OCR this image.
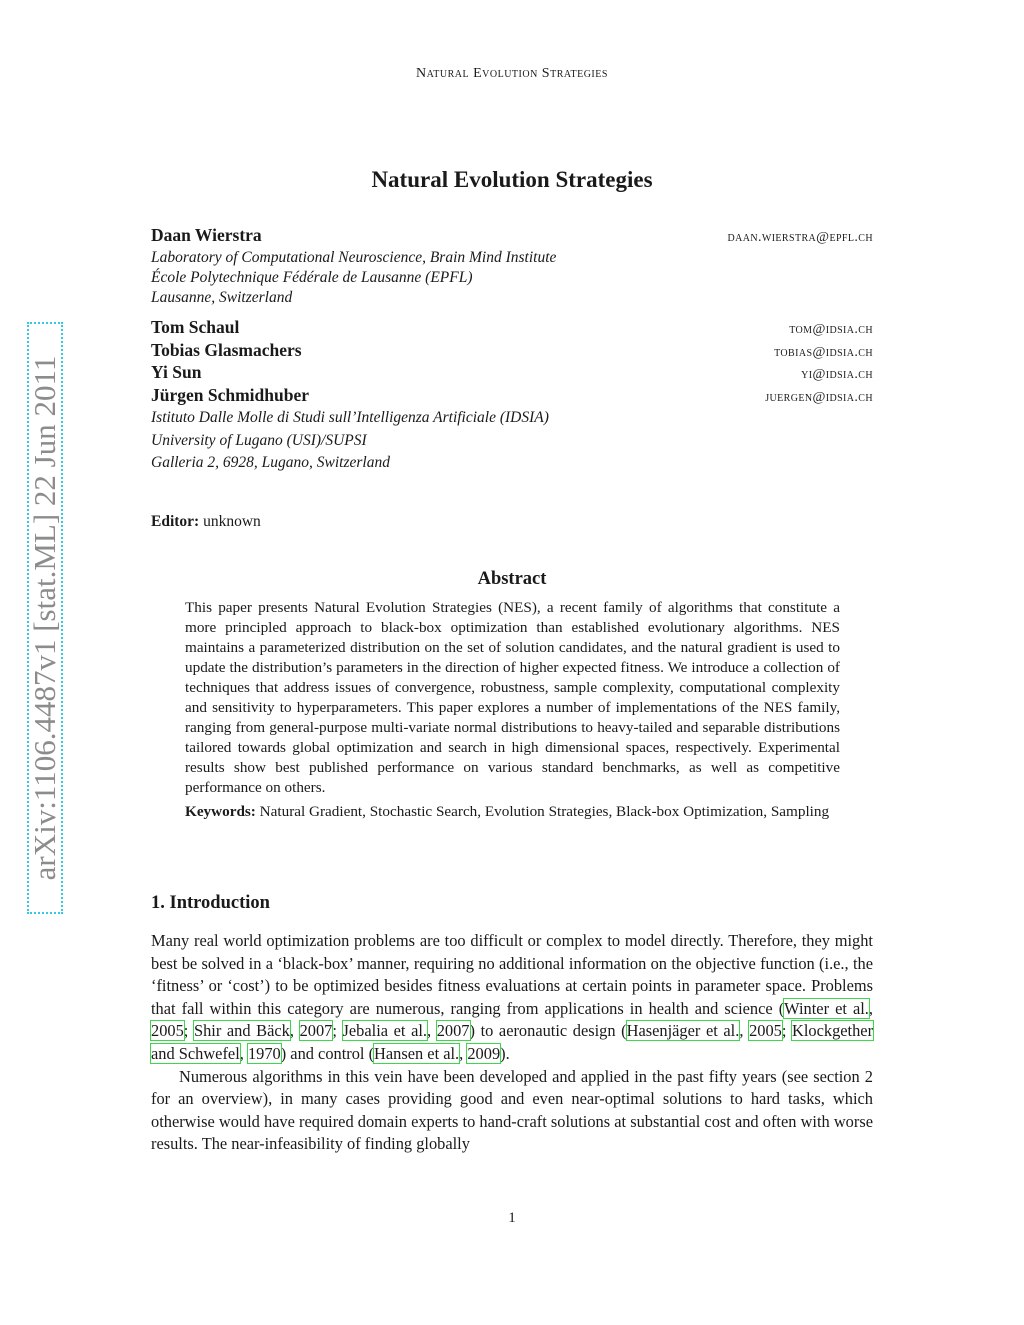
Natural Evolution Strategies
Natural Evolution Strategies
arXiv:1106.4487v1 [stat.ML] 22 Jun 2011
Daan Wierstra	daan.wierstra@epfl.ch
Laboratory of Computational Neuroscience, Brain Mind Institute
École Polytechnique Fédérale de Lausanne (EPFL)
Lausanne, Switzerland
Tom Schaul	tom@idsia.ch
Tobias Glasmachers	tobias@idsia.ch
Yi Sun	yi@idsia.ch
Jürgen Schmidhuber	juergen@idsia.ch
Istituto Dalle Molle di Studi sull’Intelligenza Artificiale (IDSIA)
University of Lugano (USI)/SUPSI
Galleria 2, 6928, Lugano, Switzerland
Editor: unknown
Abstract

This paper presents Natural Evolution Strategies (NES), a recent family of algorithms that constitute a more principled approach to black-box optimization than established evolutionary algorithms. NES maintains a parameterized distribution on the set of solution candidates, and the natural gradient is used to update the distribution’s parameters in the direction of higher expected fitness. We introduce a collection of techniques that address issues of convergence, robustness, sample complexity, computational complexity and sensitivity to hyperparameters. This paper explores a number of implementations of the NES family, ranging from general-purpose multi-variate normal distributions to heavy-tailed and separable distributions tailored towards global optimization and search in high dimensional spaces, respectively. Experimental results show best published performance on various standard benchmarks, as well as competitive performance on others.

Keywords: Natural Gradient, Stochastic Search, Evolution Strategies, Black-box Optimization, Sampling

1. Introduction

Many real world optimization problems are too difficult or complex to model directly. Therefore, they might best be solved in a ‘black-box’ manner, requiring no additional information on the objective function (i.e., the ‘fitness’ or ‘cost’) to be optimized besides fitness evaluations at certain points in parameter space. Problems that fall within this category are numerous, ranging from applications in health and science (Winter et al., 2005; Shir and Bäck, 2007; Jebalia et al., 2007) to aeronautic design (Hasenjäger et al., 2005; Klockgether and Schwefel, 1970) and control (Hansen et al., 2009).

Numerous algorithms in this vein have been developed and applied in the past fifty years (see section 2 for an overview), in many cases providing good and even near-optimal solutions to hard tasks, which otherwise would have required domain experts to hand-craft solutions at substantial cost and often with worse results. The near-infeasibility of finding globally

1
